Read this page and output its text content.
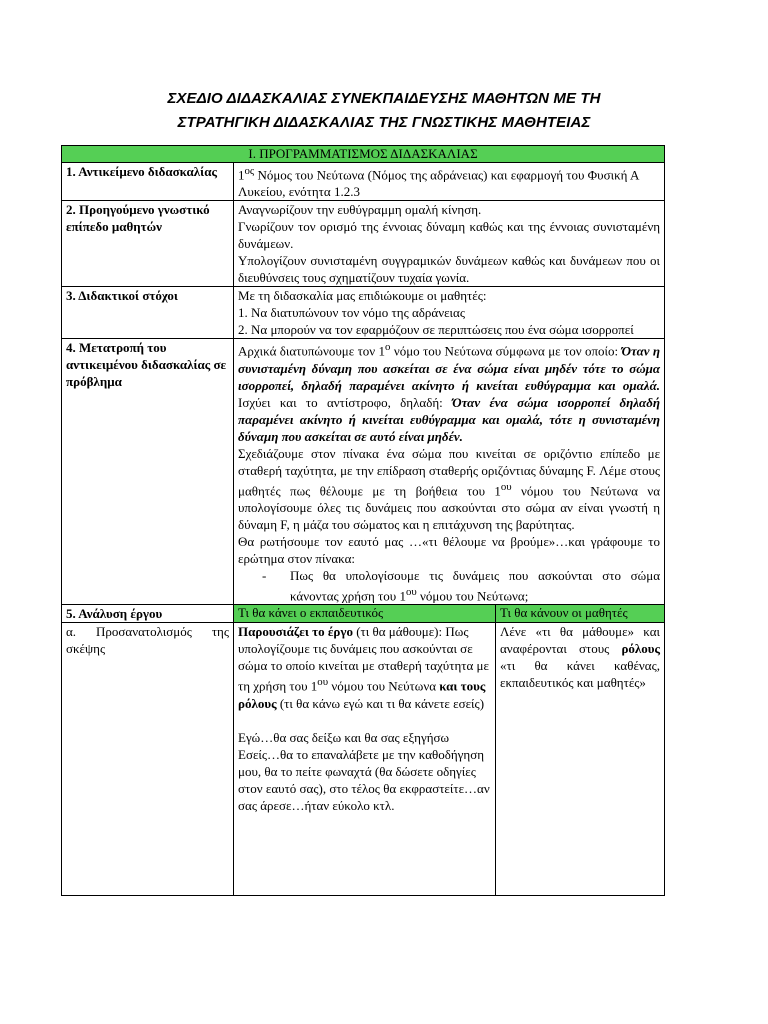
ΣΧΕΔΙΟ ΔΙΔΑΣΚΑΛΙΑΣ ΣΥΝΕΚΠΑΙΔΕΥΣΗΣ ΜΑΘΗΤΩΝ ΜΕ ΤΗ
ΣΤΡΑΤΗΓΙΚΗ ΔΙΔΑΣΚΑΛΙΑΣ ΤΗΣ ΓΝΩΣΤΙΚΗΣ ΜΑΘΗΤΕΙΑΣ
Ι. ΠΡΟΓΡΑΜΜΑΤΙΣΜΟΣ ΔΙΔΑΣΚΑΛΙΑΣ		
1. Αντικείμενο διδασκαλίας	$1^{o\varsigma}$ Νόμος του Νεύτωνα (Νόμος της αδράνειας) και εφαρμογή του Φυσική Α Λυκείου, ενότητα 1.2.3	
2. Προηγούμενο γνωστικό επίπεδο μαθητών	Αναγνωρίζουν την ευθύγραμμη ομαλή κίνηση.
Γνωρίζουν τον ορισμό της έννοιας δύναμη καθώς και της έννοιας συνισταμένη δυνάμεων.
Υπολογίζουν συνισταμένη συγγραμικών δυνάμεων καθώς και δυνάμεων που οι διευθύνσεις τους σχηματίζουν τυχαία γωνία.	

3. Διδακτικοί στόχοι	Με τη διδασκαλία μας επιδιώκουμε οι μαθητές:
1. Να διατυπώνουν τον νόμο της αδράνειας
2. Να μπορούν να τον εφαρμόζουν σε περιπτώσεις που ένα σώμα ισορροπεί	

4. Μετατροπή του αντικειμένου διδασκαλίας σε πρόβλημα	Αρχικά διατυπώνουμε τον $1^o$ νόμο του Νεύτωνα σύμφωνα με τον οποίο: Όταν η συνισταμένη δύναμη που ασκείται σε ένα σώμα είναι μηδέν τότε το σώμα ισορροπεί, δηλαδή παραμένει ακίνητο ή κινείται ευθύγραμμα και ομαλά. Ισχύει και το αντίστροφο, δηλαδή: Όταν ένα σώμα ισορροπεί δηλαδή παραμένει ακίνητο ή κινείται ευθύγραμμα και ομαλά, τότε η συνισταμένη δύναμη που ασκείται σε αυτό είναι μηδέν.
Σχεδιάζουμε στον πίνακα ένα σώμα που κινείται σε οριζόντιο επίπεδο με σταθερή ταχύτητα, με την επίδραση σταθερής οριζόντιας δύναμης F. Λέμε στους μαθητές πως θέλουμε με τη βοήθεια του $1^{o\upsilon}$ νόμου του Νεύτωνα να υπολογίσουμε όλες τις δυνάμεις που ασκούνται στο σώμα αν είναι γνωστή η δύναμη F, η μάζα του σώματος και η επιτάχυνση της βαρύτητας.
Θα ρωτήσουμε τον εαυτό μας …«τι θέλουμε να βρούμε»…και γράφουμε το ερώτημα στον πίνακα:
- Πως θα υπολογίσουμε τις δυνάμεις που ασκούνται στο σώμα κάνοντας χρήση του $1^{o\upsilon}$ νόμου του Νεύτωνα;	

5. Ανάλυση έργου	Τι θα κάνει ο εκπαιδευτικός	Τι θα κάνουν οι μαθητές
α. Προσανατολισμός της σκέψης	Παρουσιάζει το έργο (τι θα μάθουμε): Πως υπολογίζουμε τις δυνάμεις που ασκούνται σε σώμα το οποίο κινείται με σταθερή ταχύτητα με τη χρήση του $1^{o\upsilon}$ νόμου του Νεύτωνα και τους ρόλους (τι θα κάνω εγώ και τι θα κάνετε εσείς)
Εγώ…θα σας δείξω και θα σας εξηγήσω
Εσείς…θα το επαναλάβετε με την καθοδήγηση μου, θα το πείτε φωναχτά (θα δώσετε οδηγίες στον εαυτό σας), στο τέλος θα εκφραστείτε…αν σας άρεσε…ήταν εύκολο κτλ.	Λένε «τι θα μάθουμε» και αναφέρονται στους ρόλους «τι θα κάνει καθένας, εκπαιδευτικός και μαθητές»
